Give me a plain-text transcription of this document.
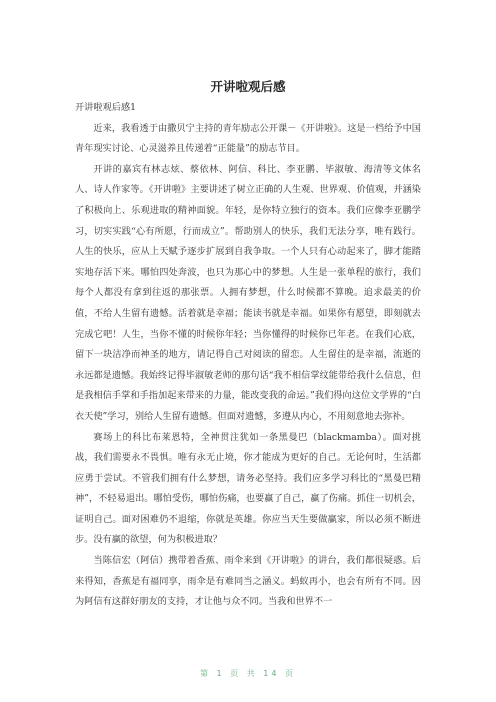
开讲啦观后感

开讲啦观后感1

近来，我看透于由撒贝宁主持的青年励志公开课－《开讲啦》。这是一档给予中国青年现实讨论、心灵滋养且传递着“正能量”的励志节目。

开讲的嘉宾有林志炫、蔡依林、阿信、科比、李亚鹏、毕淑敏、海清等文体名人、诗人作家等。《开讲啦》主要讲述了树立正确的人生观、世界观、价值观，并涵染了积极向上、乐观进取的精神面貌。年轻，是你特立独行的资本。我们应像李亚鹏学习，切实实践“心有所愿，行而成立”。帮助别人的快乐，我们无法分享，唯有践行。人生的快乐，应从上天赋予逐步扩展到自我争取。一个人只有心动起来了，脚才能踏实地存活下来。哪怕四处奔波，也只为那心中的梦想。人生是一张单程的旅行，我们每个人都没有拿到往返的那张票。人拥有梦想，什么时候都不算晚。追求最美的价值，不给人生留有遗憾。活着就是幸福；能读书就是幸福。如果你有愿望，即刻就去完成它吧！人生，当你不懂的时候你年轻；当你懂得的时候你已年老。在我们心底，留下一块洁净而神圣的地方，请记得自己对阅读的留恋。人生留住的是幸福，流逝的永远都是遗憾。我始终记得毕淑敏老师的那句话“我不相信掌纹能带给我什么信息，但是我相信手掌和手指加起来带来的力量，能改变我的命运。”我们得向这位文学界的“白衣天使”学习，别给人生留有遗憾。但面对遗憾，多遵从内心，不用刻意地去弥补。

赛场上的科比布莱恩特，全神贯注犹如一条黑曼巴（blackmamba）。面对挑战，我们需要永不畏惧。唯有永无止境，你才能成为更好的自己。无论何时，生活都应勇于尝试。不管我们拥有什么梦想，请务必坚持。我们应多学习科比的“黑曼巴精神”，不轻易退出。哪怕受伤，哪怕伤痛，也要赢了自己，赢了伤痛。抓住一切机会，证明自己。面对困难仍不退缩，你就是英雄。你应当天生要做赢家，所以必须不断进步。没有赢的欲望，何为积极进取？

当陈信宏（阿信）携带着香蕉、雨伞来到《开讲啦》的讲台，我们都很疑惑。后来得知，香蕉是有福同享，雨伞是有难同当之涵义。蚂蚁再小，也会有所有不同。因为阿信有这群好朋友的支持，才让他与众不同。当我和世界不一

第 1 页 共 14 页
